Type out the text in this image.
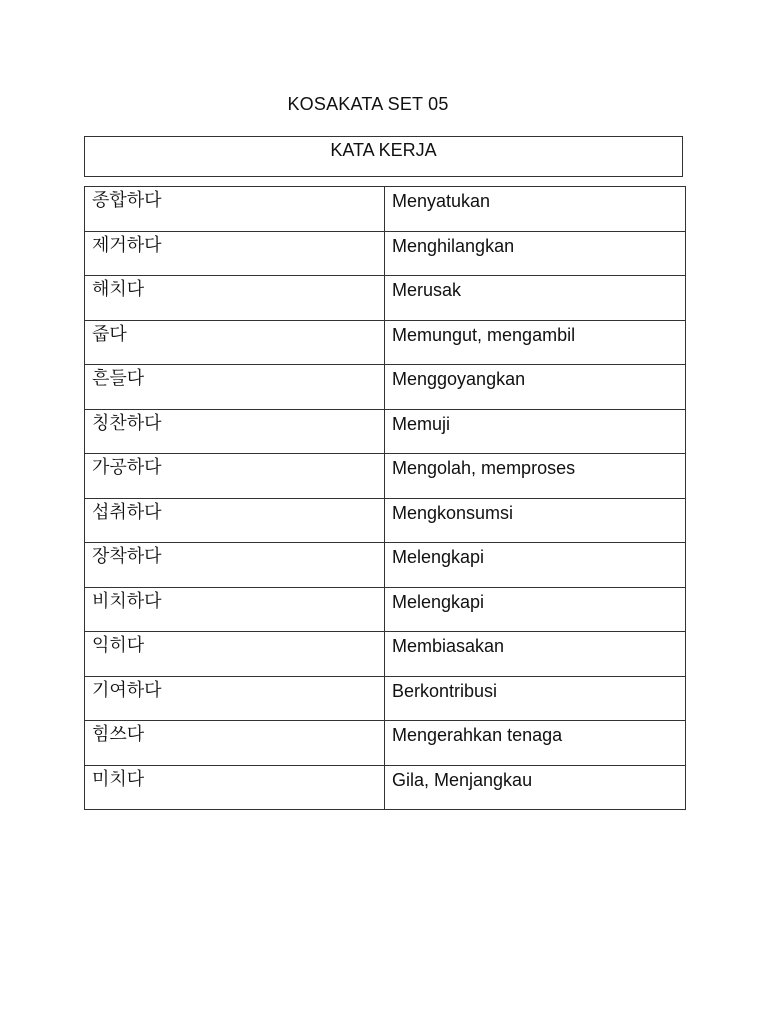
KOSAKATA SET 05
KATA KERJA
종합하다	Menyatukan

제거하다	Menghilangkan

해치다	Merusak

줍다	Memungut, mengambil

흔들다	Menggoyangkan

칭찬하다	Memuji

가공하다	Mengolah, memproses

섭취하다	Mengkonsumsi

장착하다	Melengkapi

비치하다	Melengkapi

익히다	Membiasakan

기여하다	Berkontribusi

힘쓰다	Mengerahkan tenaga

미치다	Gila, Menjangkau
